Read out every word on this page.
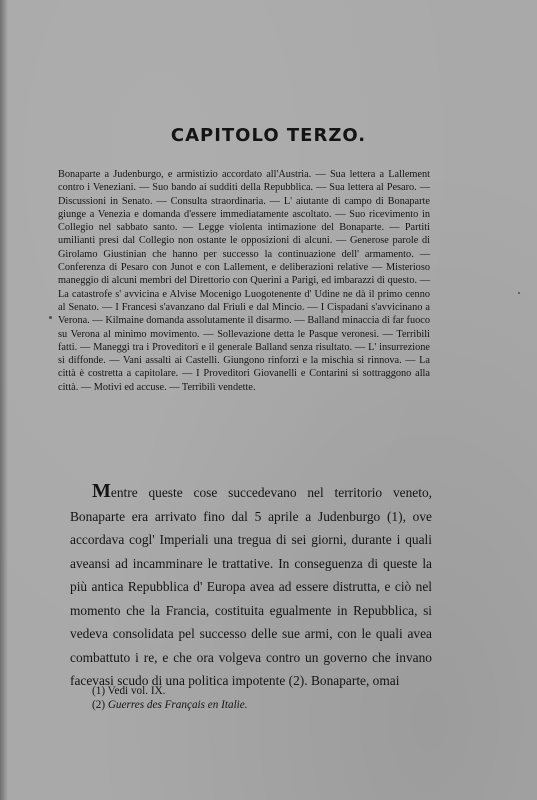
CAPITOLO TERZO.

Bonaparte a Judenburgo, e armistizio accordato all'Austria. — Sua lettera a Lallement contro i Veneziani. — Suo bando ai sudditi della Repubblica. — Sua lettera al Pesaro. — Discussioni in Senato. — Consulta straordinaria. — L' aiutante di campo di Bonaparte giunge a Venezia e domanda d'essere immediatamente ascoltato. — Suo ricevimento in Collegio nel sabbato santo. — Legge violenta intimazione del Bonaparte. — Partiti umilianti presi dal Collegio non ostante le opposizioni di alcuni. — Generose parole di Girolamo Giustinian che hanno per successo la continuazione dell' armamento. — Conferenza di Pesaro con Junot e con Lallement, e deliberazioni relative — Misterioso maneggio di alcuni membri del Direttorio con Querini a Parigi, ed imbarazzi di questo. — La catastrofe s' avvicina e Alvise Mocenigo Luogotenente d' Udine ne dà il primo cenno al Senato. — I Francesi s'avanzano dal Friuli e dal Mincio. — I Cispadani s'avvicinano a Verona. — Kilmaine domanda assolutamente il disarmo. — Balland minaccia di far fuoco su Verona al minimo movimento. — Sollevazione detta le Pasque veronesi. — Terribili fatti. — Maneggi tra i Proveditori e il generale Balland senza risultato. — L' insurrezione si diffonde. — Vani assalti ai Castelli. Giungono rinforzi e la mischia si rinnova. — La città è costretta a capitolare. — I Proveditori Giovanelli e Contarini si sottraggono alla città. — Motivi ed accuse. — Terribili vendette.

Mentre queste cose succedevano nel territorio veneto, Bonaparte era arrivato fino dal 5 aprile a Judenburgo (1), ove accordava cogl' Imperiali una tregua di sei giorni, durante i quali aveansi ad incamminare le trattative. In conseguenza di queste la più antica Repubblica d' Europa avea ad essere distrutta, e ciò nel momento che la Francia, costituita egualmente in Repubblica, si vedeva consolidata pel successo delle sue armi, con le quali avea combattuto i re, e che ora volgeva contro un governo che invano facevasi scudo di una politica impotente (2). Bonaparte, omai

(1) Vedi vol. IX.
(2) Guerres des Français en Italie.
